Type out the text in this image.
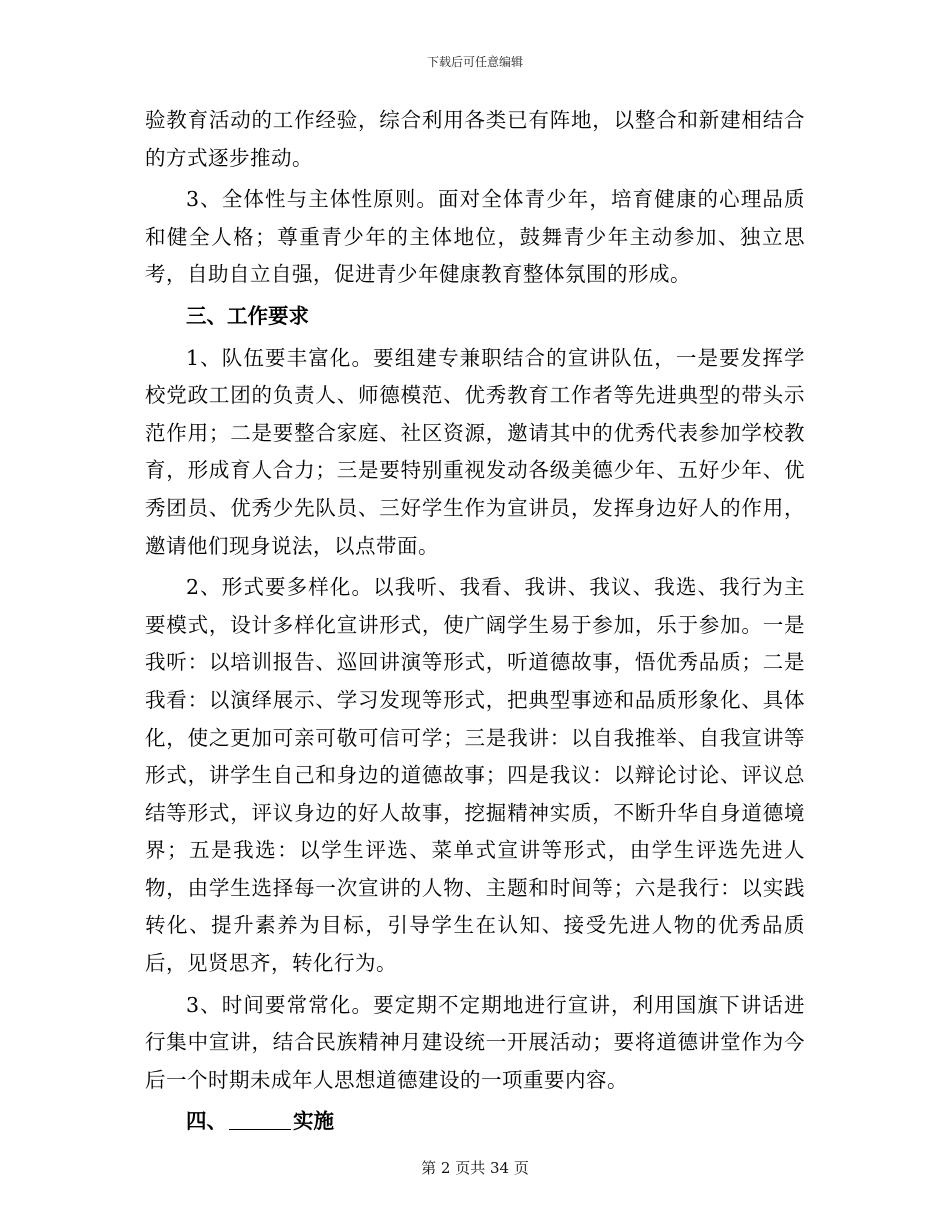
下载后可任意编辑

验教育活动的工作经验，综合利用各类已有阵地，以整合和新建相结合的方式逐步推动。

3、全体性与主体性原则。面对全体青少年，培育健康的心理品质和健全人格；尊重青少年的主体地位，鼓舞青少年主动参加、独立思考，自助自立自强，促进青少年健康教育整体氛围的形成。

三、工作要求

1、队伍要丰富化。要组建专兼职结合的宣讲队伍，一是要发挥学校党政工团的负责人、师德模范、优秀教育工作者等先进典型的带头示范作用；二是要整合家庭、社区资源，邀请其中的优秀代表参加学校教育，形成育人合力；三是要特别重视发动各级美德少年、五好少年、优秀团员、优秀少先队员、三好学生作为宣讲员，发挥身边好人的作用，邀请他们现身说法，以点带面。

2、形式要多样化。以我听、我看、我讲、我议、我选、我行为主要模式，设计多样化宣讲形式，使广阔学生易于参加，乐于参加。一是我听：以培训报告、巡回讲演等形式，听道德故事，悟优秀品质；二是我看：以演绎展示、学习发现等形式，把典型事迹和品质形象化、具体化，使之更加可亲可敬可信可学；三是我讲：以自我推举、自我宣讲等形式，讲学生自己和身边的道德故事；四是我议：以辩论讨论、评议总结等形式，评议身边的好人故事，挖掘精神实质，不断升华自身道德境界；五是我选：以学生评选、菜单式宣讲等形式，由学生评选先进人物，由学生选择每一次宣讲的人物、主题和时间等；六是我行：以实践转化、提升素养为目标，引导学生在认知、接受先进人物的优秀品质后，见贤思齐，转化行为。

3、时间要常常化。要定期不定期地进行宣讲，利用国旗下讲话进行集中宣讲，结合民族精神月建设统一开展活动；要将道德讲堂作为今后一个时期未成年人思想道德建设的一项重要内容。

四、	实施

第 2 页共 34 页
